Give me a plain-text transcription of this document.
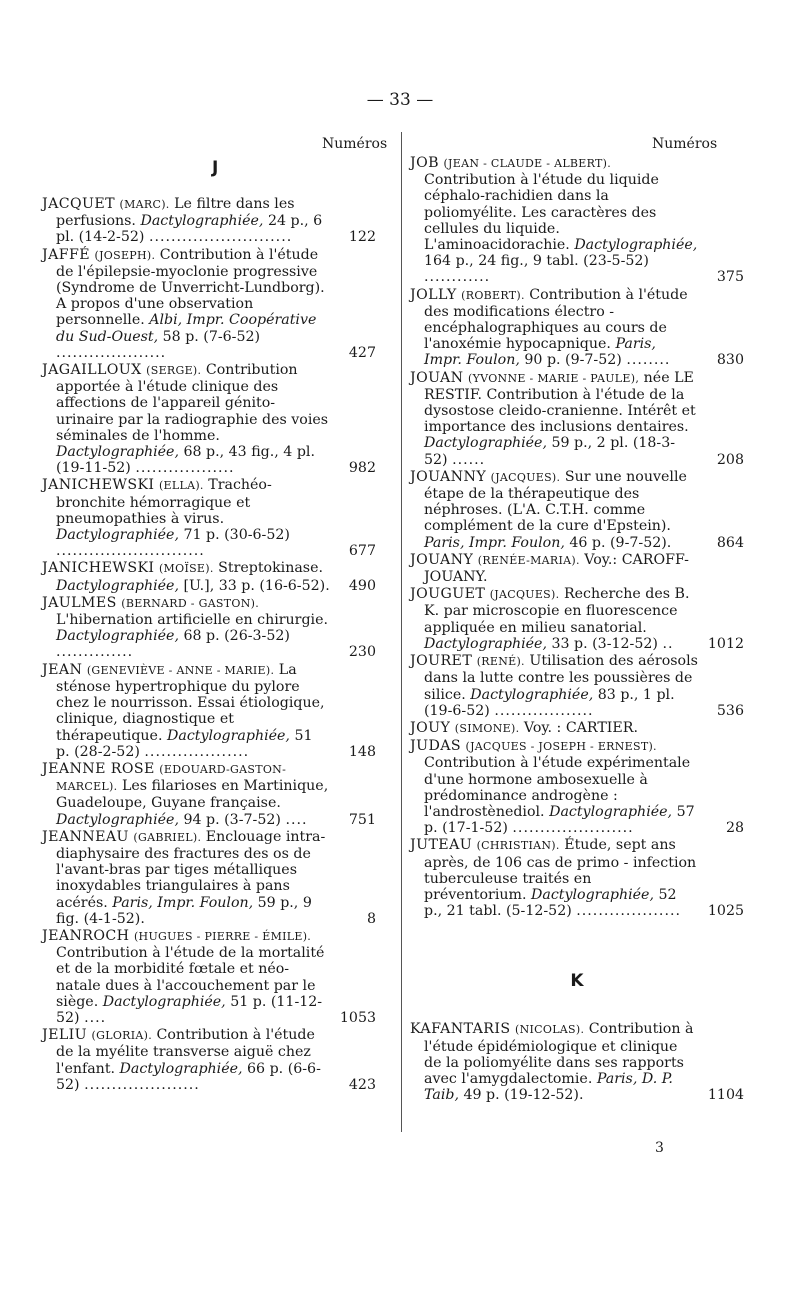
— 33 —
Numéros	Numéros
J
JACQUET (MARC). Le filtre dans les perfusions. Dactylographiée, 24 p., 6 pl. (14-2-52) ..........................	122
JAFFÉ (JOSEPH). Contribution à l'étude de l'épilepsie-myoclonie progressive (Syndrome de Unverricht-Lundborg). A propos d'une observation personnelle. Albi, Impr. Coopérative du Sud-Ouest, 58 p. (7-6-52) ....................	427
JAGAILLOUX (SERGE). Contribution apportée à l'étude clinique des affections de l'appareil génito-urinaire par la radiographie des voies séminales de l'homme. Dactylographiée, 68 p., 43 fig., 4 pl. (19-11-52) ..................	982
JANICHEWSKI (ELLA). Trachéo-bronchite hémorragique et pneumopathies à virus. Dactylographiée, 71 p. (30-6-52) ...........................	677
JANICHEWSKI (MOÏSE). Streptokinase. Dactylographiée, [U.], 33 p. (16-6-52). 490
JAULMES (BERNARD - GASTON). L'hibernation artificielle en chirurgie. Dactylographiée, 68 p. (26-3-52) ..............	230
JEAN (GENEVIÈVE - ANNE - MARIE). La sténose hypertrophique du pylore chez le nourrisson. Essai étiologique, clinique, diagnostique et thérapeutique. Dactylographiée, 51 p. (28-2-52) ...................	148
JEANNE ROSE (EDOUARD-GASTON-MARCEL). Les filarioses en Martinique, Guadeloupe, Guyane française. Dactylographiée, 94 p. (3-7-52) ....	751
JEANNEAU (GABRIEL). Enclouage intra-diaphysaire des fractures des os de l'avant-bras par tiges métalliques inoxydables triangulaires à pans acérés. Paris, Impr. Foulon, 59 p., 9 fig. (4-1-52).	8
JEANROCH (HUGUES - PIERRE - ÉMILE). Contribution à l'étude de la mortalité et de la morbidité fœtale et néo-natale dues à l'accouchement par le siège. Dactylographiée, 51 p. (11-12-52) ....	1053
JELIU (GLORIA). Contribution à l'étude de la myélite transverse aiguë chez l'enfant. Dactylographiée, 66 p. (6-6-52) .....................	423
JOB (JEAN - CLAUDE - ALBERT). Contribution à l'étude du liquide céphalo-rachidien dans la poliomyélite. Les caractères des cellules du liquide. L'aminoacidorachie. Dactylographiée, 164 p., 24 fig., 9 tabl. (23-5-52) ............	375
JOLLY (ROBERT). Contribution à l'étude des modifications électro - encéphalographiques au cours de l'anoxémie hypocapnique. Paris, Impr. Foulon, 90 p. (9-7-52) ........	830
JOUAN (YVONNE - MARIE - PAULE), née LE RESTIF. Contribution à l'étude de la dysostose cleido-cranienne. Intérêt et importance des inclusions dentaires. Dactylographiée, 59 p., 2 pl. (18-3-52) ......	208
JOUANNY (JACQUES). Sur une nouvelle étape de la thérapeutique des néphroses. (L'A. C.T.H. comme complément de la cure d'Epstein). Paris, Impr. Foulon, 46 p. (9-7-52).	864
JOUANY (RENÉE-MARIA). Voy.: CAROFF-JOUANY.
JOUGUET (JACQUES). Recherche des B. K. par microscopie en fluorescence appliquée en milieu sanatorial. Dactylographiée, 33 p. (3-12-52) .. 1012
JOURET (RENÉ). Utilisation des aérosols dans la lutte contre les poussières de silice. Dactylographiée, 83 p., 1 pl. (19-6-52) ..................	536
JOUY (SIMONE). Voy. : CARTIER.
JUDAS (JACQUES - JOSEPH - ERNEST). Contribution à l'étude expérimentale d'une hormone ambosexuelle à prédominance androgène : l'androstènediol. Dactylographiée, 57 p. (17-1-52) ......................	28
JUTEAU (CHRISTIAN). Étude, sept ans après, de 106 cas de primo - infection tuberculeuse traités en préventorium. Dactylographiée, 52 p., 21 tabl. (5-12-52) ................... 1025
K
KAFANTARIS (NICOLAS). Contribution à l'étude épidémiologique et clinique de la poliomyélite dans ses rapports avec l'amygdalectomie. Paris, D. P. Taib, 49 p. (19-12-52).	1104
3
